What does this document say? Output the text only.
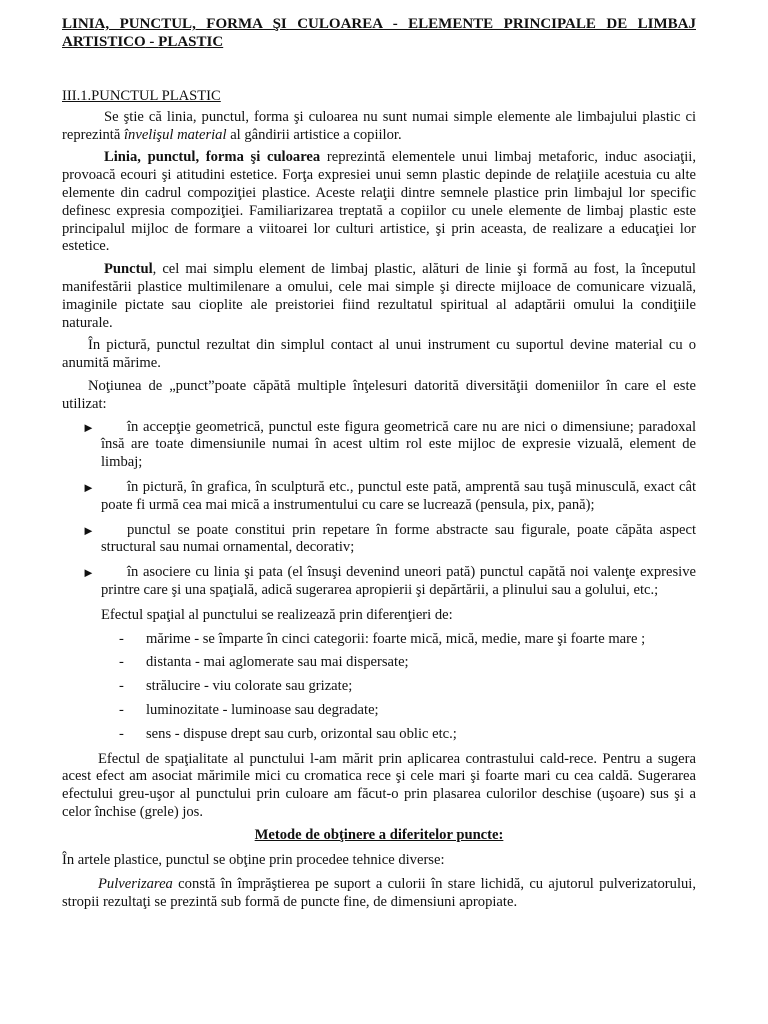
LINIA, PUNCTUL, FORMA ŞI CULOAREA - ELEMENTE PRINCIPALE DE LIMBAJ ARTISTICO - PLASTIC
III.1.PUNCTUL PLASTIC

Se ştie că linia, punctul, forma şi culoarea nu sunt numai simple elemente ale limbajului plastic ci reprezintă învelişul material al gândirii artistice a copiilor.

Linia, punctul, forma şi culoarea reprezintă elementele unui limbaj metaforic, induc asociaţii, provoacă ecouri şi atitudini estetice. Forţa expresiei unui semn plastic depinde de relaţiile acestuia cu alte elemente din cadrul compoziţiei plastice. Aceste relaţii dintre semnele plastice prin limbajul lor specific definesc expresia compoziţiei. Familiarizarea treptată a copiilor cu unele elemente de limbaj plastic este principalul mijloc de formare a viitoarei lor culturi artistice, şi prin aceasta, de realizare a educaţiei lor estetice.

Punctul, cel mai simplu element de limbaj plastic, alături de linie şi formă au fost, la începutul manifestării plastice multimilenare a omului, cele mai simple şi directe mijloace de comunicare vizuală, imaginile pictate sau cioplite ale preistoriei fiind rezultatul spiritual al adaptării omului la condiţiile naturale.

În pictură, punctul rezultat din simplul contact al unui instrument cu suportul devine material cu o anumită mărime.

Noţiunea de „punct”poate căpătă multiple înţelesuri datorită diversităţii domeniilor în care el este utilizat:

► în accepţie geometrică, punctul este figura geometrică care nu are nici o dimensiune; paradoxal însă are toate dimensiunile numai în acest ultim rol este mijloc de expresie vizuală, element de limbaj;
► în pictură, în grafica, în sculptură etc., punctul este pată, amprentă sau tuşă minusculă, exact cât poate fi urmă cea mai mică a instrumentului cu care se lucrează (pensula, pix, pană);
► punctul se poate constitui prin repetare în forme abstracte sau figurale, poate căpăta aspect structural sau numai ornamental, decorativ;
► în asociere cu linia şi pata (el însuşi devenind uneori pată) punctul capătă noi valenţe expresive printre care şi una spaţială, adică sugerarea apropierii şi depărtării, a plinului sau a golului, etc.;
Efectul spaţial al punctului se realizează prin diferenţieri de:
- mărime - se împarte în cinci categorii: foarte mică, mică, medie, mare şi foarte mare ;
- distanta - mai aglomerate sau mai dispersate;
- strălucire - viu colorate sau grizate;
- luminozitate - luminoase sau degradate;
- sens - dispuse drept sau curb, orizontal sau oblic etc.;

Efectul de spaţialitate al punctului l-am mărit prin aplicarea contrastului cald-rece. Pentru a sugera acest efect am asociat mărimile mici cu cromatica rece şi cele mari şi foarte mari cu cea caldă. Sugerarea efectului greu-uşor al punctului prin culoare am făcut-o prin plasarea culorilor deschise (uşoare) sus şi a celor închise (grele) jos.

Metode de obţinere a diferitelor puncte:
În artele plastice, punctul se obţine prin procedee tehnice diverse:

Pulverizarea constă în împrăştierea pe suport a culorii în stare lichidă, cu ajutorul pulverizatorului, stropii rezultaţi se prezintă sub formă de puncte fine, de dimensiuni apropiate.
